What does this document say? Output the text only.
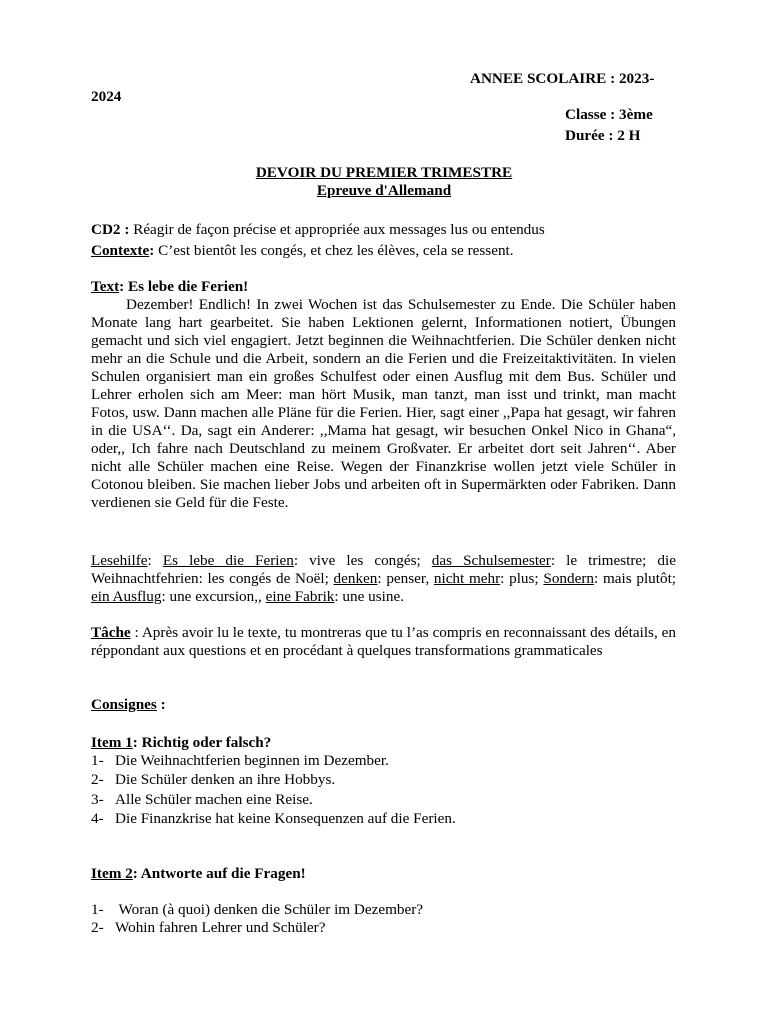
ANNEE SCOLAIRE : 2023-
2024
Classe : 3ème
Durée : 2 H
DEVOIR DU PREMIER TRIMESTRE
Epreuve d'Allemand
CD2 : Réagir de façon précise et appropriée aux messages lus ou entendus
Contexte: C’est bientôt les congés, et chez les élèves, cela se ressent.
Text: Es lebe die Ferien!

Dezember! Endlich! In zwei Wochen ist das Schulsemester zu Ende. Die Schüler haben Monate lang hart gearbeitet. Sie haben Lektionen gelernt, Informationen notiert, Übungen gemacht und sich viel engagiert. Jetzt beginnen die Weihnachtferien. Die Schüler denken nicht mehr an die Schule und die Arbeit, sondern an die Ferien und die Freizeitaktivitäten. In vielen Schulen organisiert man ein großes Schulfest oder einen Ausflug mit dem Bus. Schüler und Lehrer erholen sich am Meer: man hört Musik, man tanzt, man isst und trinkt, man macht Fotos, usw. Dann machen alle Pläne für die Ferien. Hier, sagt einer ,,Papa hat gesagt, wir fahren in die USA‘‘. Da, sagt ein Anderer: ,,Mama hat gesagt, wir besuchen Onkel Nico in Ghana“, oder,, Ich fahre nach Deutschland zu meinem Großvater. Er arbeitet dort seit Jahren‘‘. Aber nicht alle Schüler machen eine Reise. Wegen der Finanzkrise wollen jetzt viele Schüler in Cotonou bleiben. Sie machen lieber Jobs und arbeiten oft in Supermärkten oder Fabriken. Dann verdienen sie Geld für die Feste.

Lesehilfe: Es lebe die Ferien: vive les congés; das Schulsemester: le trimestre; die Weihnachtfehrien: les congés de Noël; denken: penser, nicht mehr: plus; Sondern: mais plutôt; ein Ausflug: une excursion,, eine Fabrik: une usine.

Tâche : Après avoir lu le texte, tu montreras que tu l’as compris en reconnaissant des détails, en réppondant aux questions et en procédant à quelques transformations grammaticales

Consignes :
Item 1: Richtig oder falsch?
1- Die Weihnachtferien beginnen im Dezember.
2- Die Schüler denken an ihre Hobbys.
3- Alle Schüler machen eine Reise.
4- Die Finanzkrise hat keine Konsequenzen auf die Ferien.
Item 2: Antworte auf die Fragen!
1- Woran (à quoi) denken die Schüler im Dezember?
2- Wohin fahren Lehrer und Schüler?
